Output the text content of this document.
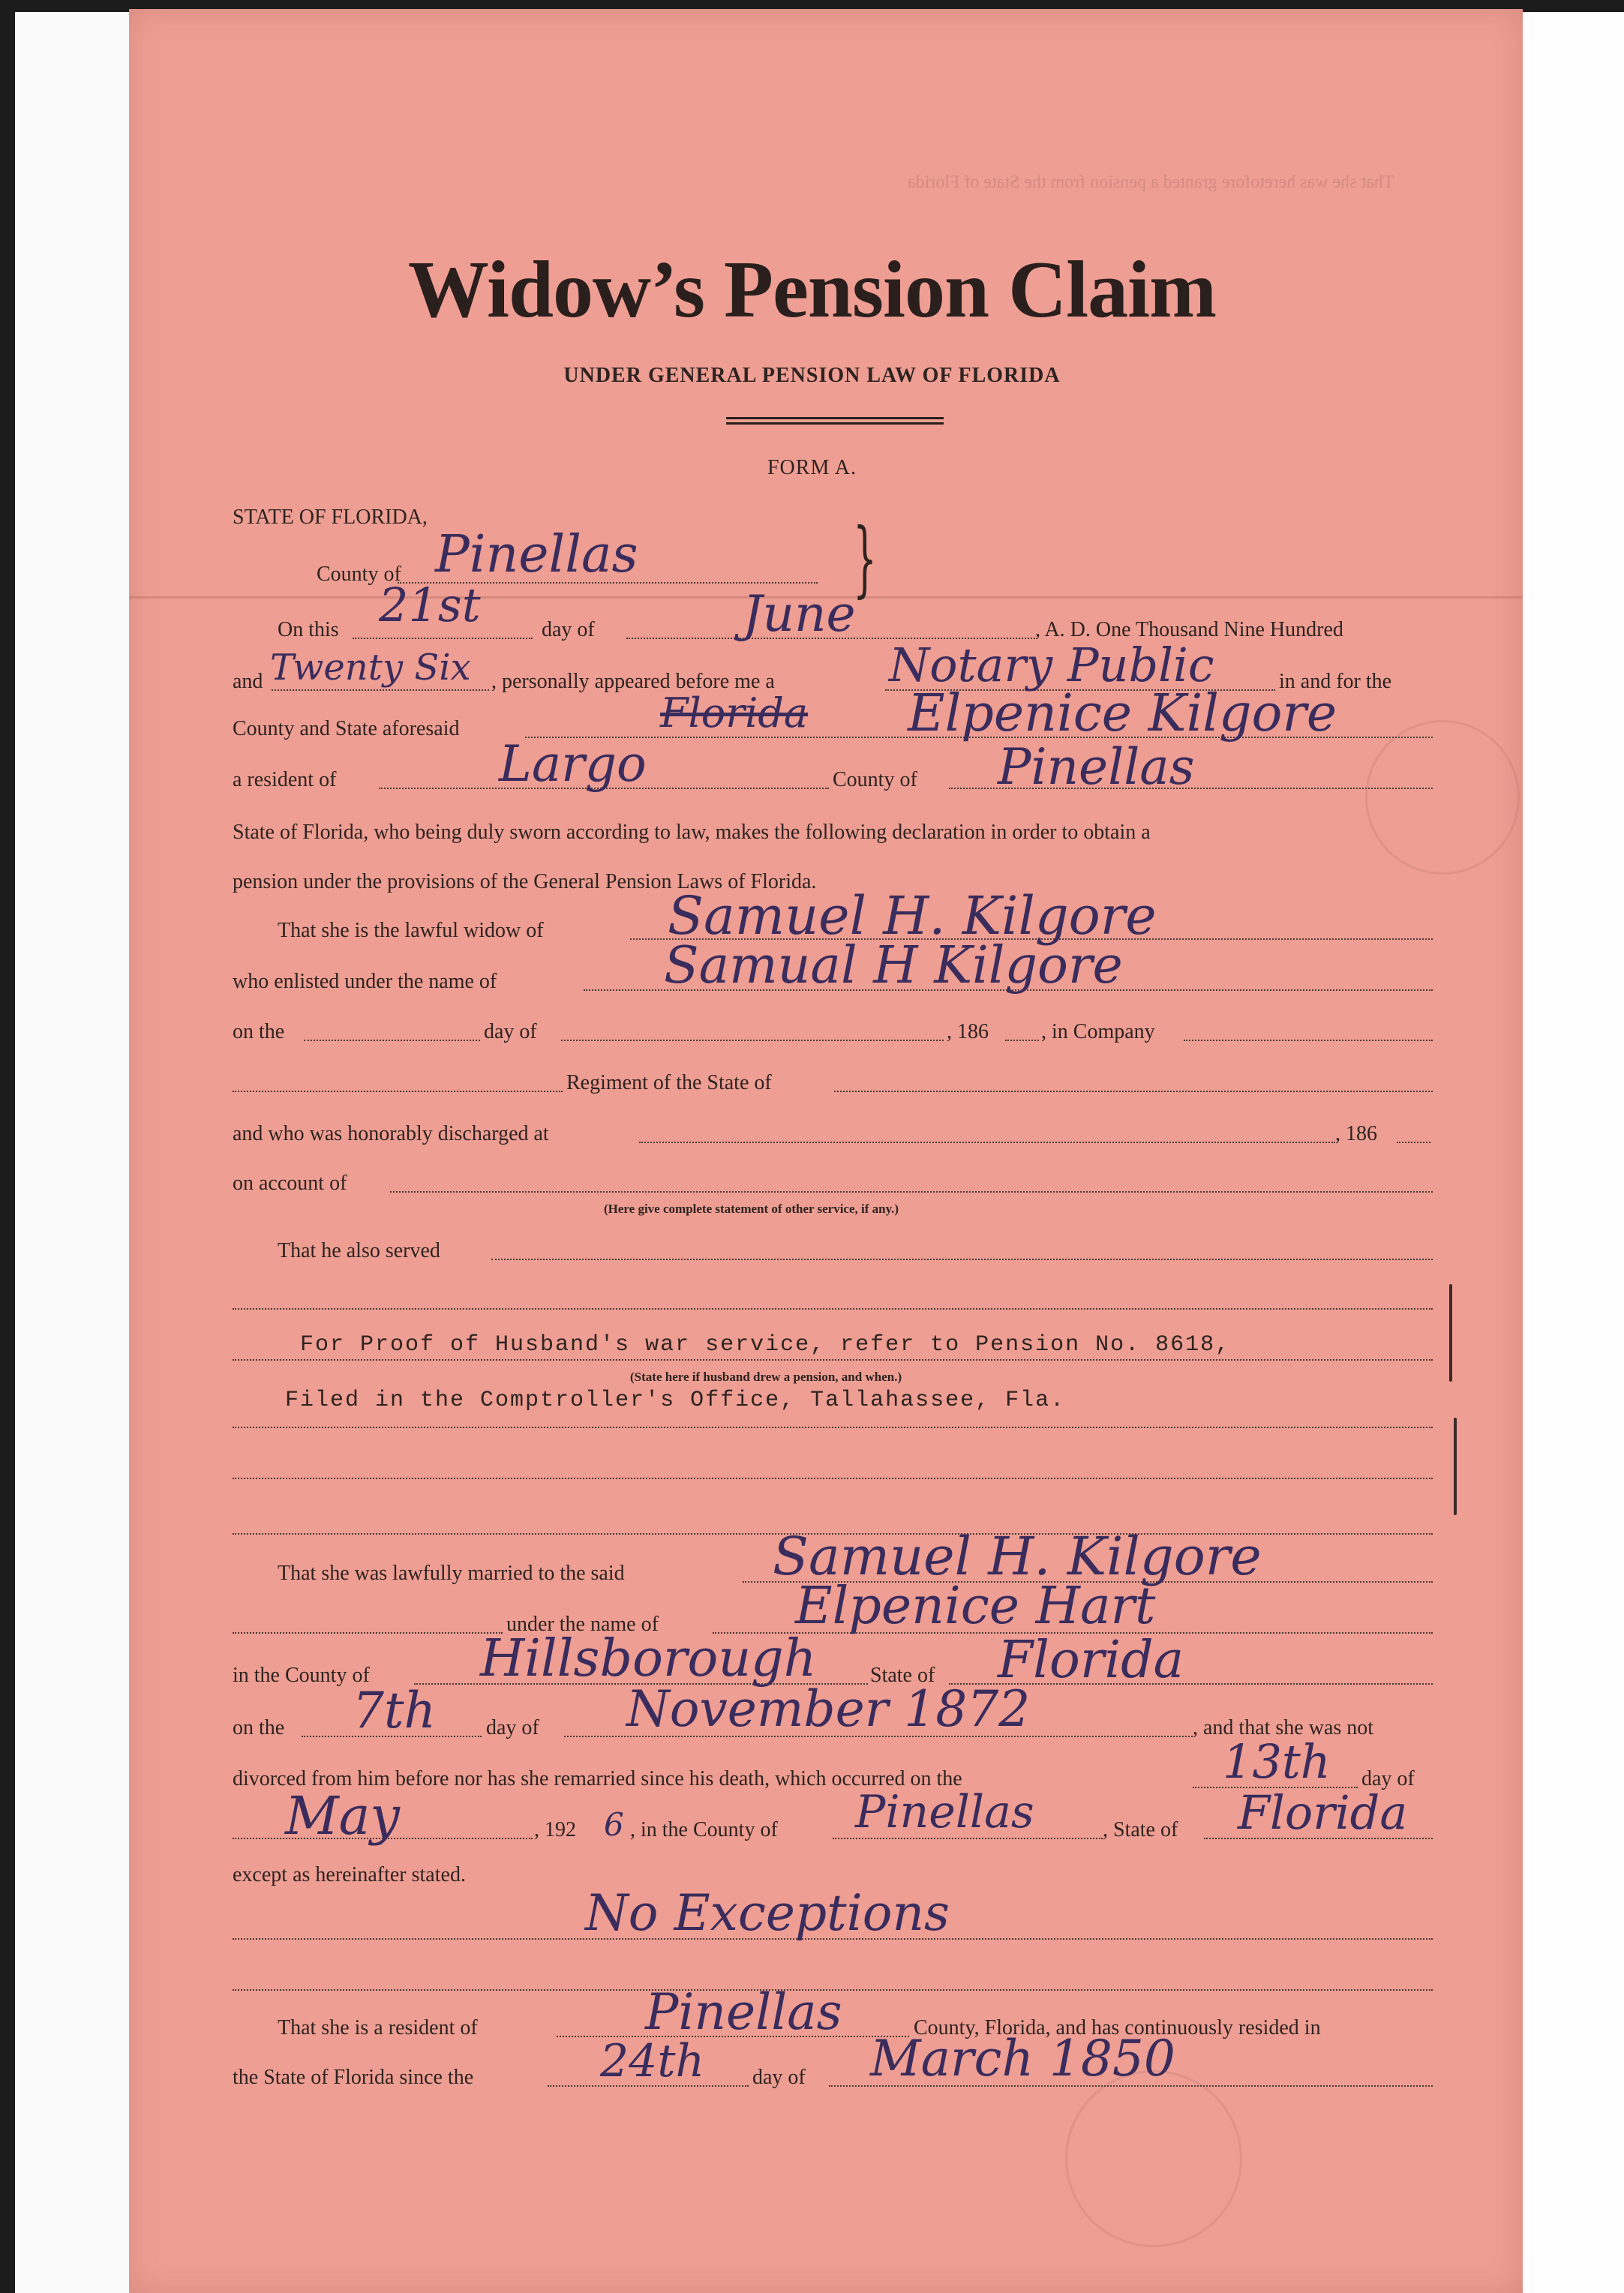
That she was heretofore granted a pension from the State of Florida
Widow’s Pension Claim
UNDER GENERAL PENSION LAW OF FLORIDA
FORM A.
STATE OF FLORIDA,
County of Pinellas	}
On this 21st	day of	June	, A. D. One Thousand Nine Hundred
and Twenty Six , personally appeared before me a Notary Public	in and for the
County and State aforesaid	Florida Elpenice Kilgore
a resident of	Largo	County of Pinellas
State of Florida, who being duly sworn according to law, makes the following declaration in order to obtain a
pension under the provisions of the General Pension Laws of Florida.
That she is the lawful widow of Samuel H. Kilgore
who enlisted under the name of	Samual H Kilgore
on the	day of	, 186	, in Company
Regiment of the State of
and who was honorably discharged at	, 186
on account of
(Here give complete statement of other service, if any.)
That he also served
For Proof of Husband's war service, refer to Pension No. 8618,
(State here if husband drew a pension, and when.)
Filed in the Comptroller's Office, Tallahassee, Fla.
That she was lawfully married to the said	Samuel H. Kilgore
under the name of	Elpenice Hart
in the County of Hillsborough	State of Florida
on the 7th day of November 1872	, and that she was not
divorced from him before nor has she remarried since his death, which occurred on the	13th day of
May	, 192 6 , in the County of Pinellas	, State of Florida
except as hereinafter stated.
No Exceptions
That she is a resident of	Pinellas	County, Florida, and has continuously resided in
the State of Florida since the	24th day of March 1850
